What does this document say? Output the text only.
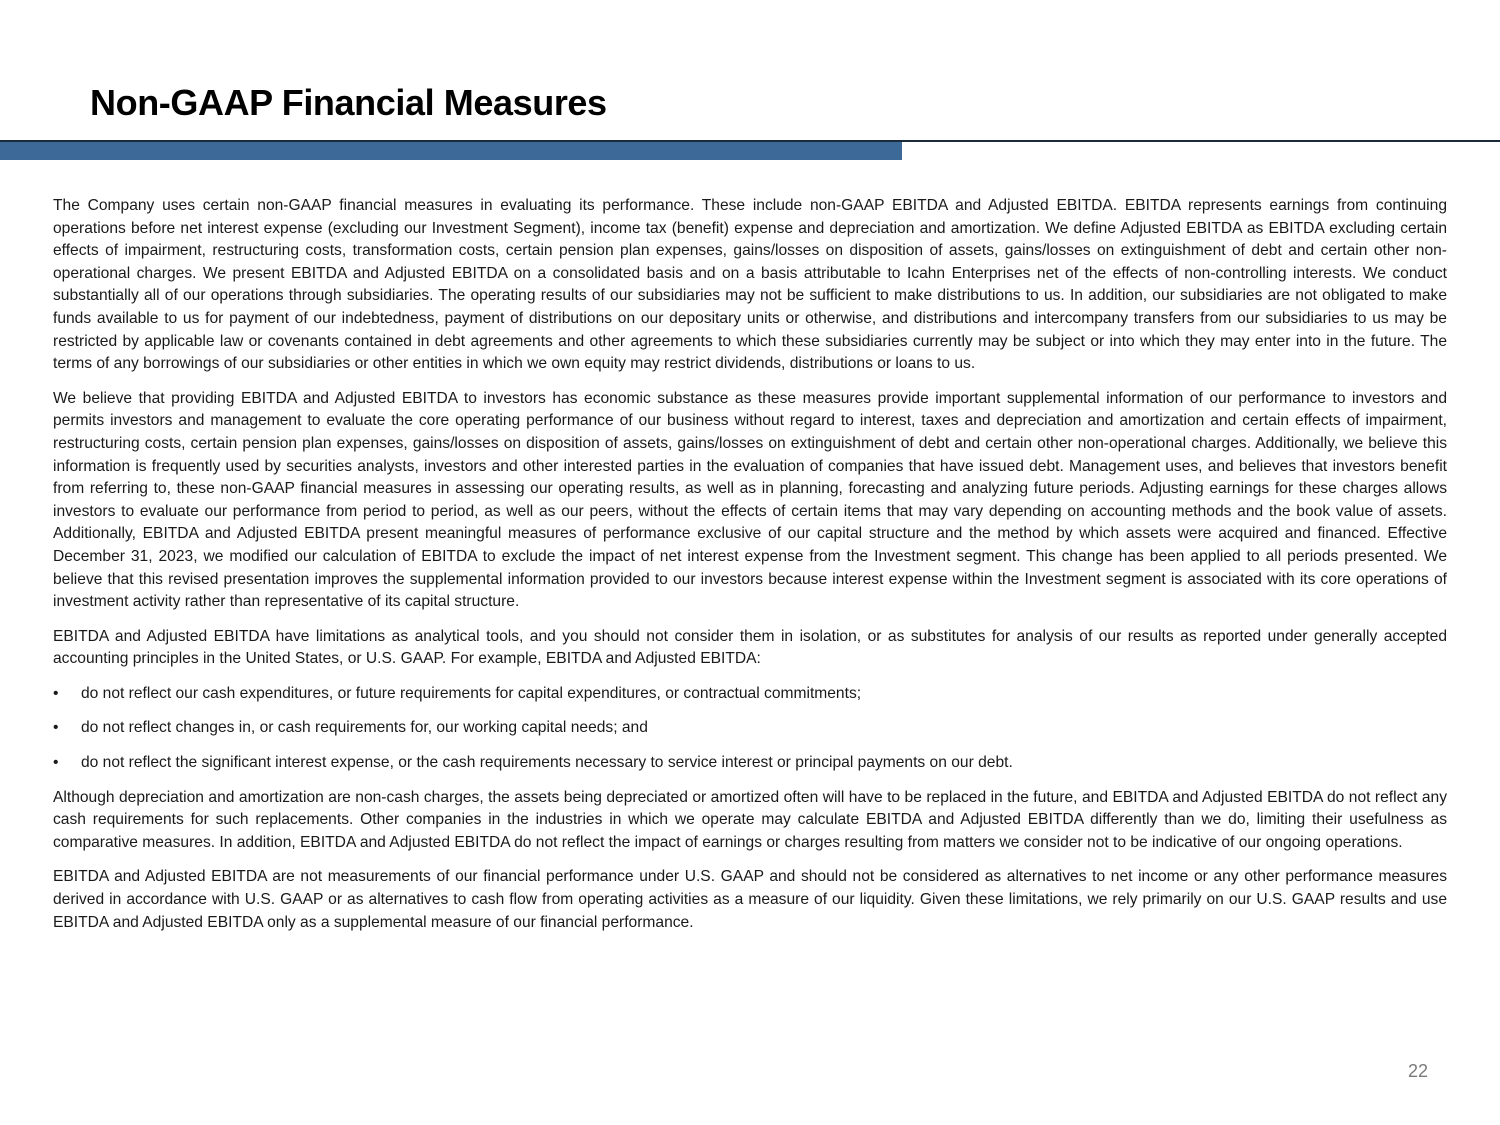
Non-GAAP Financial Measures

The Company uses certain non-GAAP financial measures in evaluating its performance. These include non-GAAP EBITDA and Adjusted EBITDA. EBITDA represents earnings from continuing operations before net interest expense (excluding our Investment Segment), income tax (benefit) expense and depreciation and amortization. We define Adjusted EBITDA as EBITDA excluding certain effects of impairment, restructuring costs, transformation costs, certain pension plan expenses, gains/losses on disposition of assets, gains/losses on extinguishment of debt and certain other non-operational charges. We present EBITDA and Adjusted EBITDA on a consolidated basis and on a basis attributable to Icahn Enterprises net of the effects of non-controlling interests. We conduct substantially all of our operations through subsidiaries. The operating results of our subsidiaries may not be sufficient to make distributions to us. In addition, our subsidiaries are not obligated to make funds available to us for payment of our indebtedness, payment of distributions on our depositary units or otherwise, and distributions and intercompany transfers from our subsidiaries to us may be restricted by applicable law or covenants contained in debt agreements and other agreements to which these subsidiaries currently may be subject or into which they may enter into in the future. The terms of any borrowings of our subsidiaries or other entities in which we own equity may restrict dividends, distributions or loans to us.

We believe that providing EBITDA and Adjusted EBITDA to investors has economic substance as these measures provide important supplemental information of our performance to investors and permits investors and management to evaluate the core operating performance of our business without regard to interest, taxes and depreciation and amortization and certain effects of impairment, restructuring costs, certain pension plan expenses, gains/losses on disposition of assets, gains/losses on extinguishment of debt and certain other non-operational charges. Additionally, we believe this information is frequently used by securities analysts, investors and other interested parties in the evaluation of companies that have issued debt. Management uses, and believes that investors benefit from referring to, these non-GAAP financial measures in assessing our operating results, as well as in planning, forecasting and analyzing future periods. Adjusting earnings for these charges allows investors to evaluate our performance from period to period, as well as our peers, without the effects of certain items that may vary depending on accounting methods and the book value of assets. Additionally, EBITDA and Adjusted EBITDA present meaningful measures of performance exclusive of our capital structure and the method by which assets were acquired and financed. Effective December 31, 2023, we modified our calculation of EBITDA to exclude the impact of net interest expense from the Investment segment. This change has been applied to all periods presented. We believe that this revised presentation improves the supplemental information provided to our investors because interest expense within the Investment segment is associated with its core operations of investment activity rather than representative of its capital structure.

EBITDA and Adjusted EBITDA have limitations as analytical tools, and you should not consider them in isolation, or as substitutes for analysis of our results as reported under generally accepted accounting principles in the United States, or U.S. GAAP. For example, EBITDA and Adjusted EBITDA:

• do not reflect our cash expenditures, or future requirements for capital expenditures, or contractual commitments;
• do not reflect changes in, or cash requirements for, our working capital needs; and
• do not reflect the significant interest expense, or the cash requirements necessary to service interest or principal payments on our debt.

Although depreciation and amortization are non-cash charges, the assets being depreciated or amortized often will have to be replaced in the future, and EBITDA and Adjusted EBITDA do not reflect any cash requirements for such replacements. Other companies in the industries in which we operate may calculate EBITDA and Adjusted EBITDA differently than we do, limiting their usefulness as comparative measures. In addition, EBITDA and Adjusted EBITDA do not reflect the impact of earnings or charges resulting from matters we consider not to be indicative of our ongoing operations.

EBITDA and Adjusted EBITDA are not measurements of our financial performance under U.S. GAAP and should not be considered as alternatives to net income or any other performance measures derived in accordance with U.S. GAAP or as alternatives to cash flow from operating activities as a measure of our liquidity. Given these limitations, we rely primarily on our U.S. GAAP results and use EBITDA and Adjusted EBITDA only as a supplemental measure of our financial performance.

22
